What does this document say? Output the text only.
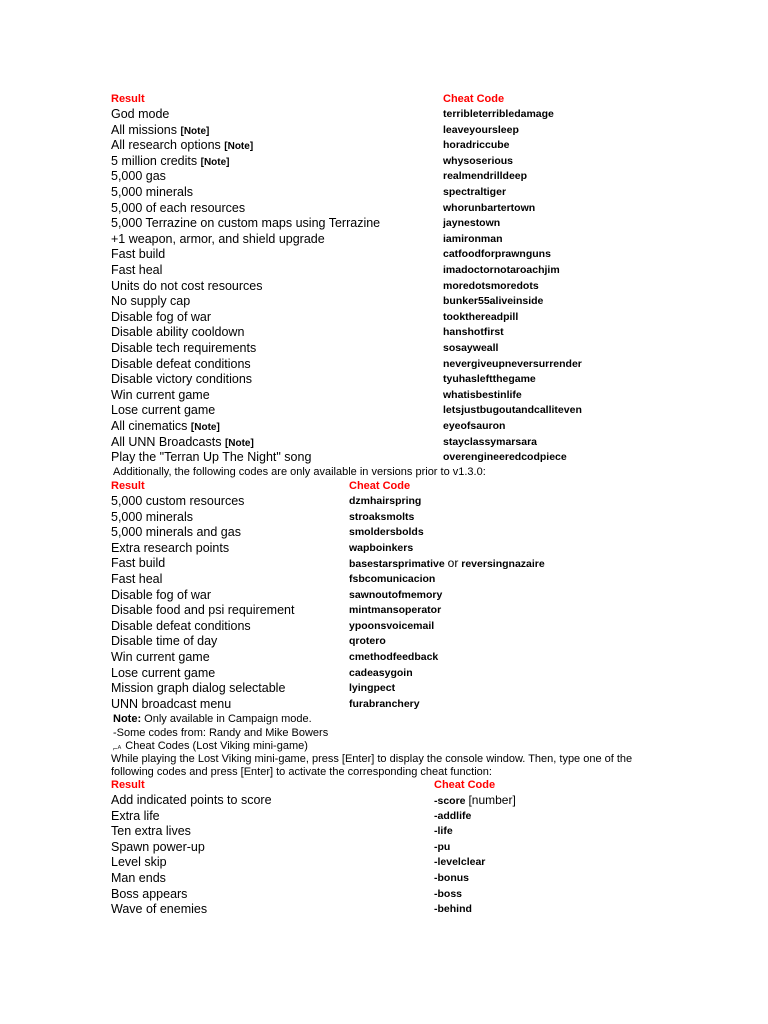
Result	Cheat Code
God mode	terribleterribledamage
All missions [Note]	leaveyoursleep
All research options [Note]	horadriccube
5 million credits [Note]	whysoserious
5,000 gas	realmendrilldeep
5,000 minerals	spectraltiger
5,000 of each resources	whorunbartertown
5,000 Terrazine on custom maps using Terrazine	jaynestown
+1 weapon, armor, and shield upgrade	iamironman
Fast build	catfoodforprawnguns
Fast heal	imadoctornotaroachjim
Units do not cost resources	moredotsmoredots
No supply cap	bunker55aliveinside
Disable fog of war	tookthereadpill
Disable ability cooldown	hanshotfirst
Disable tech requirements	sosayweall
Disable defeat conditions	nevergiveupneversurrender
Disable victory conditions	tyuhasleftthegame
Win current game	whatisbestinlife
Lose current game	letsjustbugoutandcalliteven
All cinematics [Note]	eyeofsauron
All UNN Broadcasts [Note]	stayclassymarsara
Play the "Terran Up The Night" song	overengineeredcodpiece
Additionally, the following codes are only available in versions prior to v1.3.0:
Result	Cheat Code
5,000 custom resources	dzmhairspring
5,000 minerals	stroaksmolts
5,000 minerals and gas	smoldersbolds
Extra research points	wapboinkers
Fast build	basestarsprimative or reversingnazaire
Fast heal	fsbcomunicacion
Disable fog of war	sawnoutofmemory
Disable food and psi requirement	mintmansoperator
Disable defeat conditions	ypoonsvoicemail
Disable time of day	qrotero
Win current game	cmethodfeedback
Lose current game	cadeasygoin
Mission graph dialog selectable	lyingpect
UNN broadcast menu	furabranchery
Note: Only available in Campaign mode.
-Some codes from: Randy and Mike Bowers
⌐ᴬ Cheat Codes (Lost Viking mini-game)
While playing the Lost Viking mini-game, press [Enter] to display the console window. Then, type one of the
following codes and press [Enter] to activate the corresponding cheat function:
Result	Cheat Code
Add indicated points to score	-score [number]
Extra life	-addlife
Ten extra lives	-life
Spawn power-up	-pu
Level skip	-levelclear
Man ends	-bonus
Boss appears	-boss
Wave of enemies	-behind
